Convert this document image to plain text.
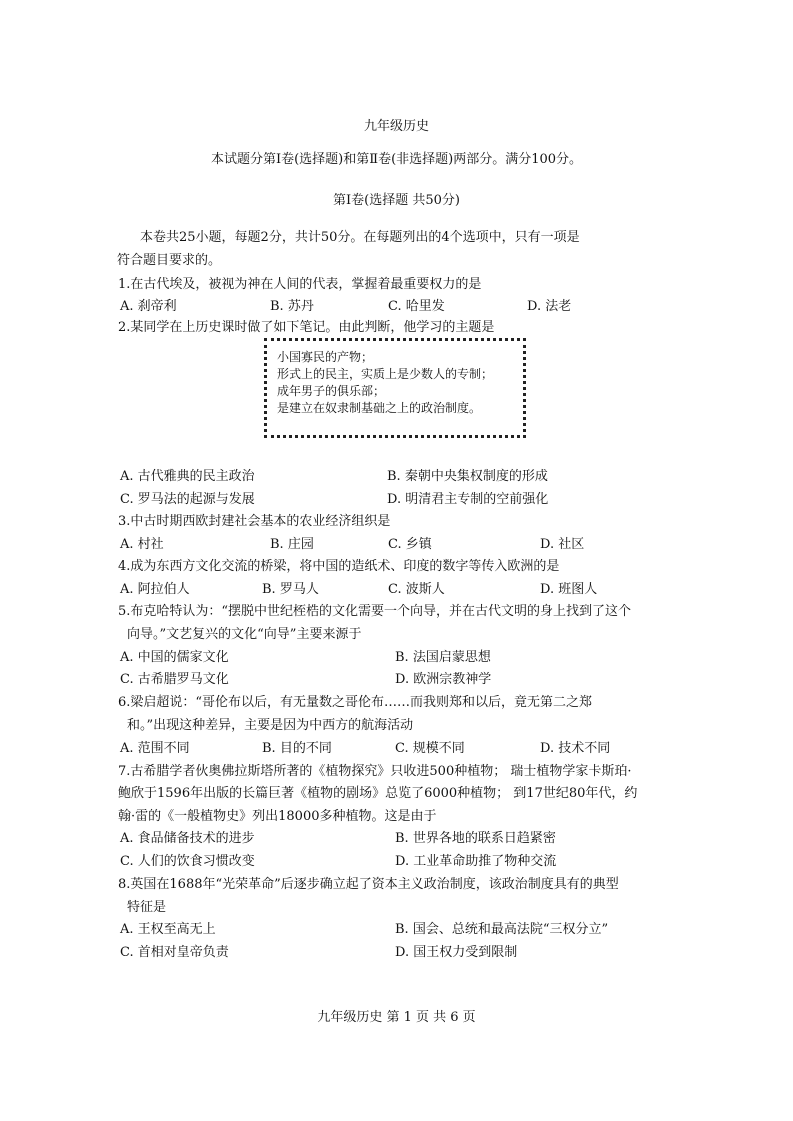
九年级历史
本试题分第Ⅰ卷(选择题)和第Ⅱ卷(非选择题)两部分。满分100分。
第Ⅰ卷(选择题 共50分)
本卷共25小题，每题2分，共计50分。在每题列出的4个选项中，只有一项是
符合题目要求的。
1.在古代埃及，被视为神在人间的代表，掌握着最重要权力的是
A. 刹帝利	B. 苏丹	C. 哈里发	D. 法老
2.某同学在上历史课时做了如下笔记。由此判断，他学习的主题是
小国寡民的产物；
形式上的民主，实质上是少数人的专制；
成年男子的俱乐部；
是建立在奴隶制基础之上的政治制度。
A. 古代雅典的民主政治	B. 秦朝中央集权制度的形成
C. 罗马法的起源与发展	D. 明清君主专制的空前强化
3.中古时期西欧封建社会基本的农业经济组织是
A. 村社	B. 庄园	C. 乡镇	D. 社区
4.成为东西方文化交流的桥梁，将中国的造纸术、印度的数字等传入欧洲的是
A. 阿拉伯人	B. 罗马人	C. 波斯人	D. 班图人
5.布克哈特认为：“摆脱中世纪桎梏的文化需要一个向导，并在古代文明的身上找到了这个
向导。”文艺复兴的文化“向导”主要来源于
A. 中国的儒家文化	B. 法国启蒙思想
C. 古希腊罗马文化	D. 欧洲宗教神学
6.梁启超说：“哥伦布以后，有无量数之哥伦布……而我则郑和以后，竟无第二之郑
和。”出现这种差异，主要是因为中西方的航海活动
A. 范围不同	B. 目的不同	C. 规模不同	D. 技术不同
7.古希腊学者伙奥佛拉斯塔所著的《植物探究》只收进500种植物； 瑞士植物学家卡斯珀·
鲍欣于1596年出版的长篇巨著《植物的剧场》总览了6000种植物； 到17世纪80年代，约
翰·雷的《一般植物史》列出18000多种植物。这是由于
A. 食品储备技术的进步	B. 世界各地的联系日趋紧密
C. 人们的饮食习惯改变	D. 工业革命助推了物种交流
8.英国在1688年“光荣革命”后逐步确立起了资本主义政治制度，该政治制度具有的典型
特征是
A. 王权至高无上	B. 国会、总统和最高法院“三权分立”
C. 首相对皇帝负责	D. 国王权力受到限制
九年级历史 第 1 页 共 6 页
